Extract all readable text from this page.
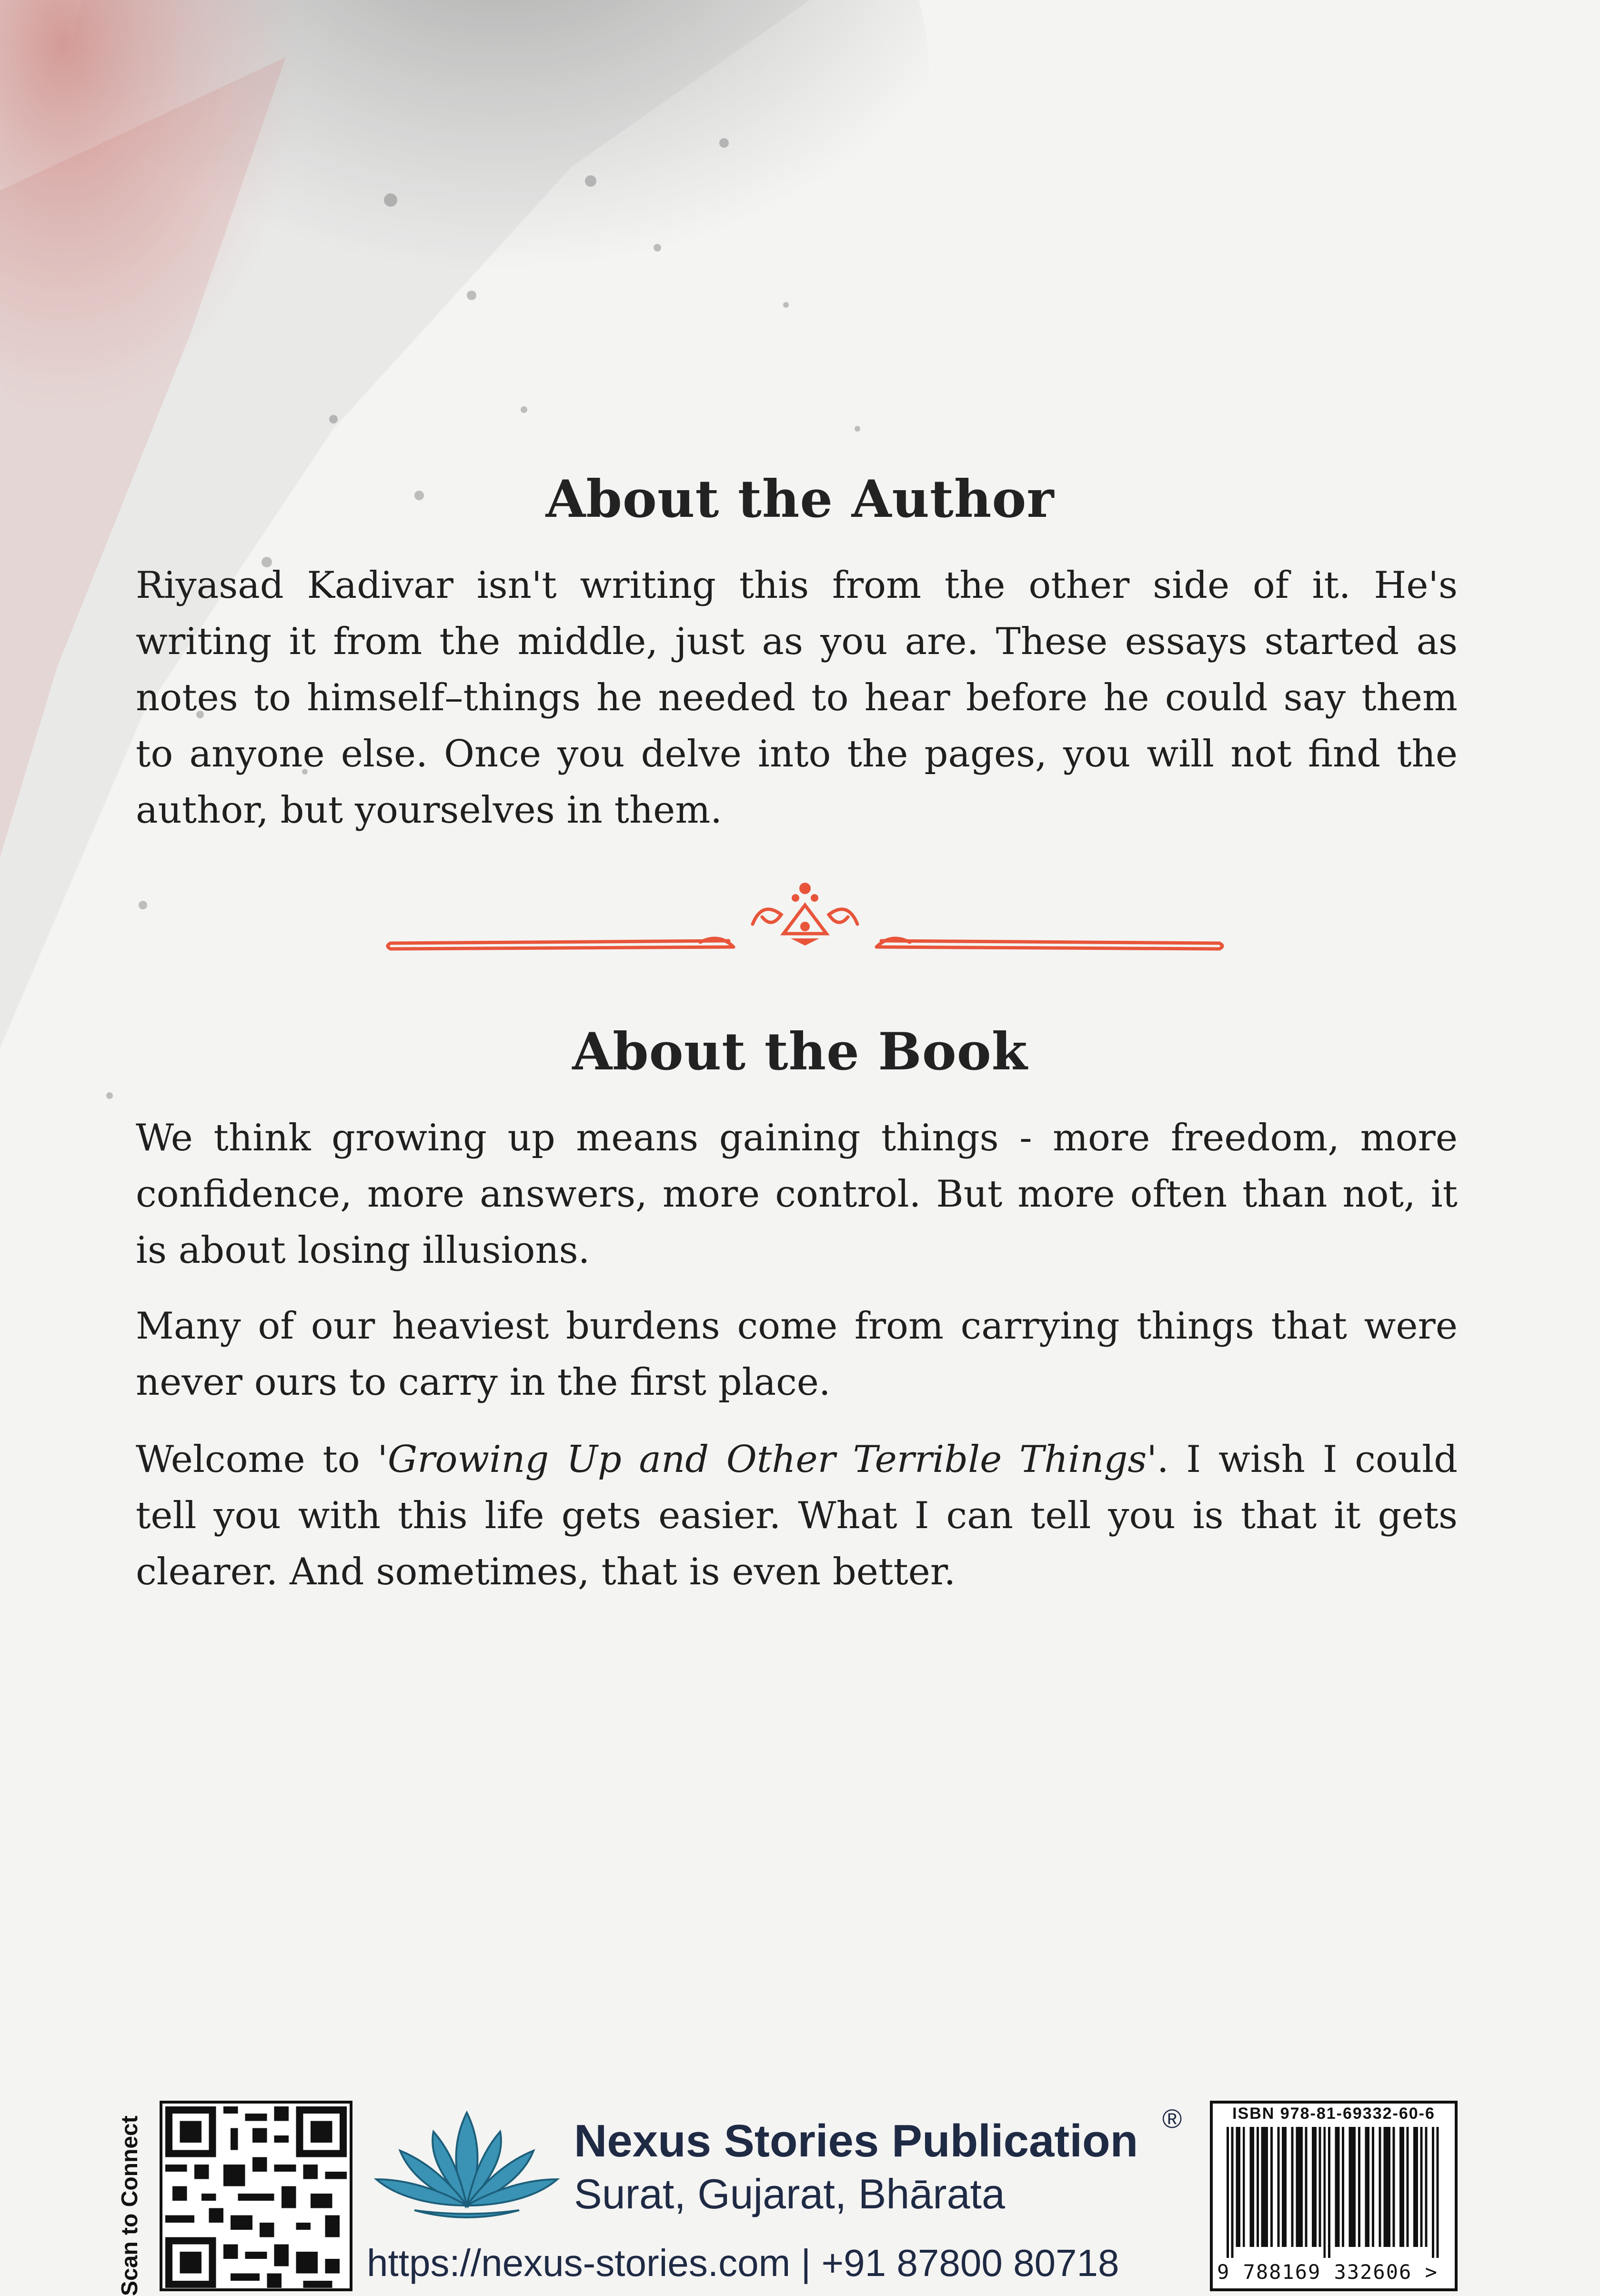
About the Author

Riyasad Kadivar isn't writing this from the other side of it. He's writing it from the middle, just as you are. These essays started as notes to himself–things he needed to hear before he could say them to anyone else. Once you delve into the pages, you will not find the author, but yourselves in them.

About the Book

We think growing up means gaining things - more freedom, more confidence, more answers, more control. But more often than not, it is about losing illusions.

Many of our heaviest burdens come from carrying things that were never ours to carry in the first place.

Welcome to 'Growing Up and Other Terrible Things'. I wish I could tell you with this life gets easier. What I can tell you is that it gets clearer. And sometimes, that is even better.

Scan to Connect	Nexus Stories Publication ®
Surat, Gujarat, Bhārata
https://nexus-stories.com | +91 87800 80718
ISBN 978-81-69332-60-6
9 788169 332606 >
